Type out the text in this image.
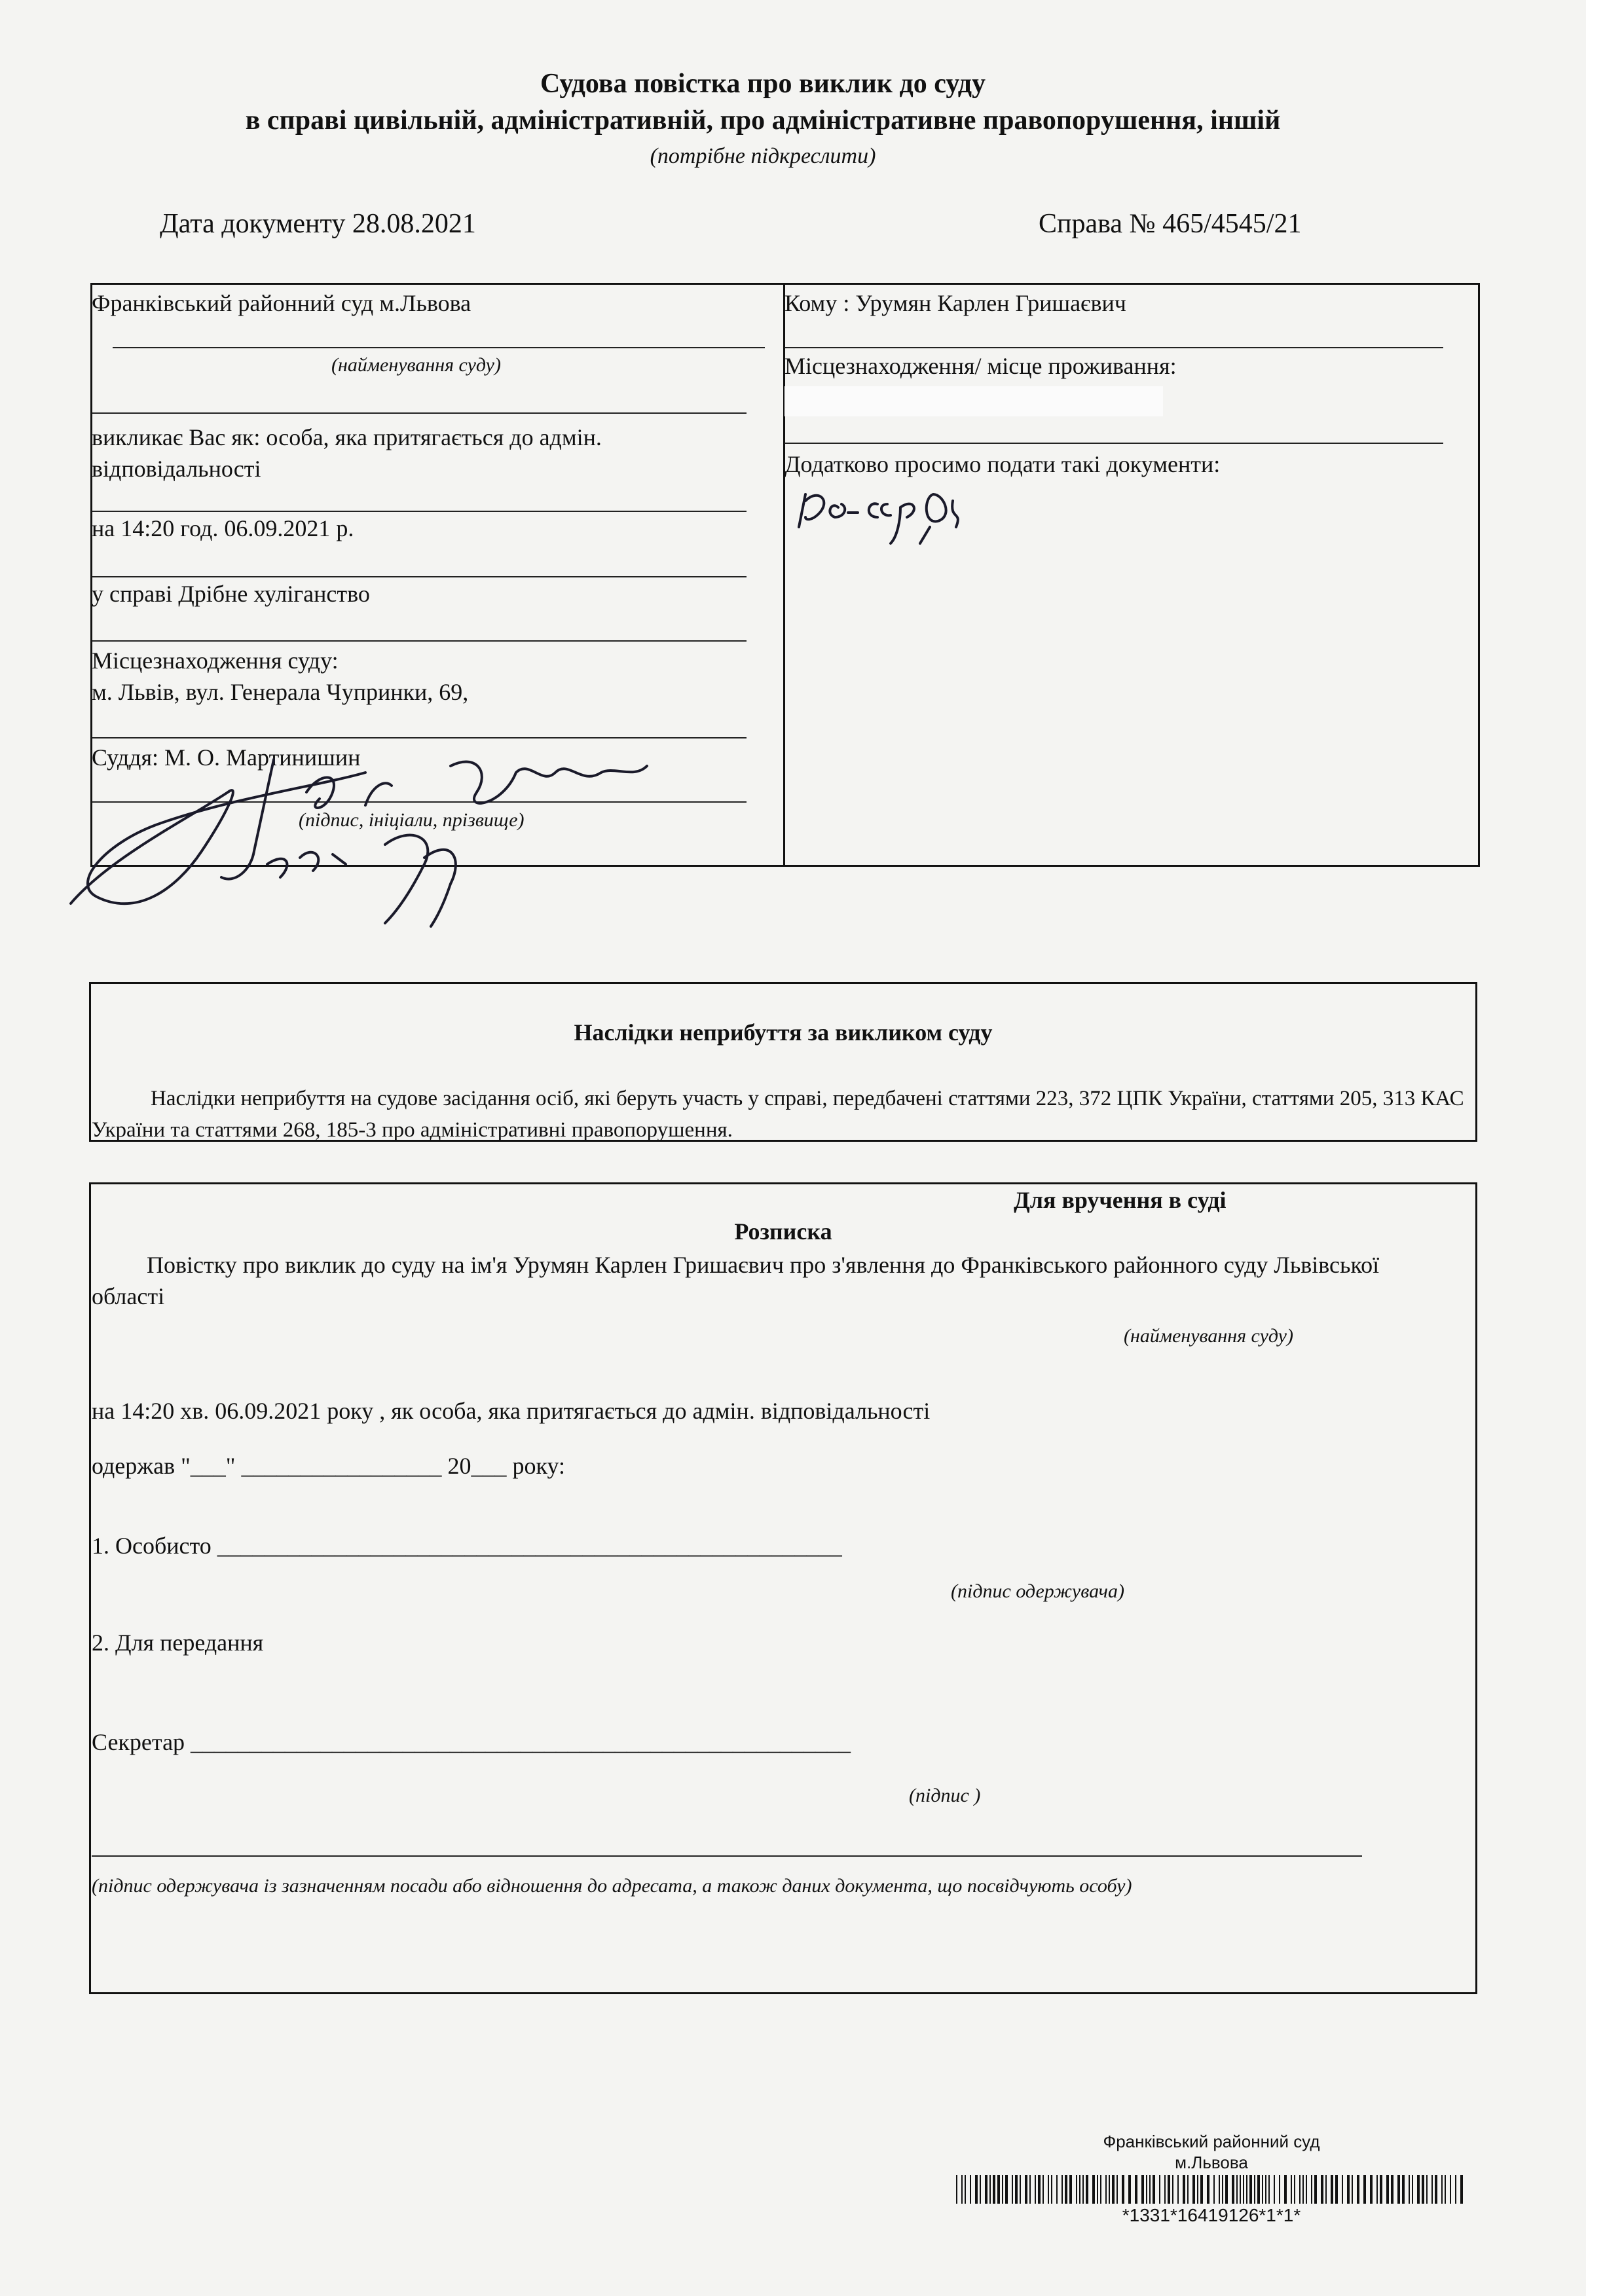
Судова повістка про виклик до суду
в справі цивільній, адміністративній, про адміністративне правопорушення, іншій
(потрібне підкреслити)
Дата документу 28.08.2021	Справа № 465/4545/21
Франківський районний суд м.Львова
(найменування суду)
викликає Вас як: особа, яка притягається до адмін. відповідальності
на 14:20 год. 06.09.2021 р.
у справі Дрібне хуліганство
Місцезнаходження суду:
м. Львів, вул. Генерала Чупринки, 69,
Суддя: М. О. Мартинишин
(підпис, ініціали, прізвище)
Кому : Урумян Карлен Гришаєвич
Місцезнаходження/ місце проживання:
Додатково просимо подати такі документи:
Наслідки неприбуття за викликом суду
Наслідки неприбуття на судове засідання осіб, які беруть участь у справі, передбачені статтями 223, 372 ЦПК України, статтями 205, 313 КАС України та статтями 268, 185-3 про адміністративні правопорушення.
Для вручення в суді
Розписка
Повістку про виклик до суду на ім'я Урумян Карлен Гришаєвич про з'явлення до Франківського районного суду Львівської області
(найменування суду)
на 14:20 хв. 06.09.2021 року , як особа, яка притягається до адмін. відповідальності
одержав "___" _________________ 20___ року:
1. Особисто _____________________________________________________
(підпис одержувача)
2. Для передання
Секретар ________________________________________________________
(підпис )
(підпис одержувача із зазначенням посади або відношення до адресата, а також даних документа, що посвідчують особу)
Франківський районний суд
м.Львова
*1331*16419126*1*1*
